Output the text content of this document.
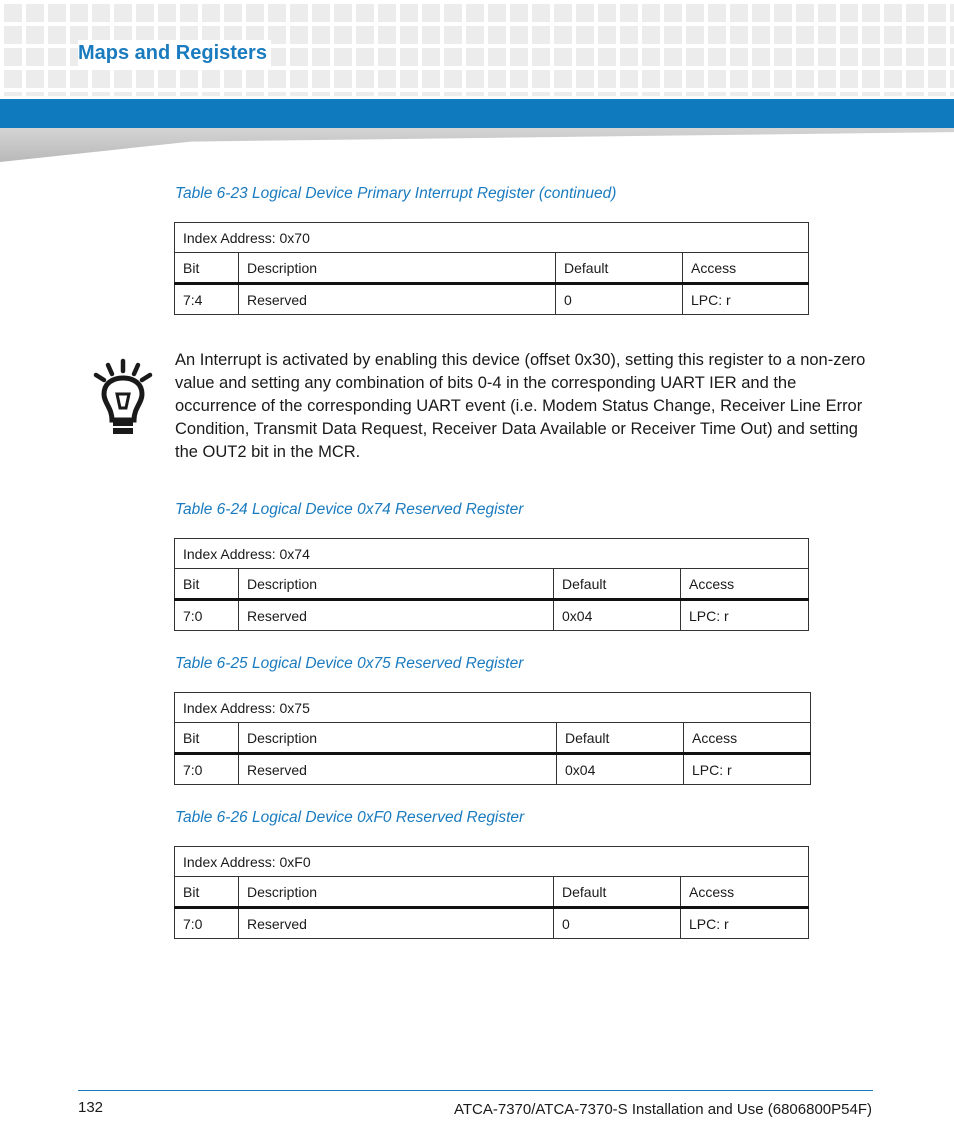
Maps and Registers
Table 6-23 Logical Device Primary Interrupt Register (continued)
Index Address: 0x70			
Bit	Description	Default	Access
7:4	Reserved	0	LPC: r
An Interrupt is activated by enabling this device (offset 0x30), setting this register to a non-zero value and setting any combination of bits 0-4 in the corresponding UART IER and the occurrence of the corresponding UART event (i.e. Modem Status Change, Receiver Line Error Condition, Transmit Data Request, Receiver Data Available or Receiver Time Out) and setting the OUT2 bit in the MCR.
Table 6-24 Logical Device 0x74 Reserved Register
Index Address: 0x74			
Bit	Description	Default	Access
7:0	Reserved	0x04	LPC: r
Table 6-25 Logical Device 0x75 Reserved Register
Index Address: 0x75			
Bit	Description	Default	Access
7:0	Reserved	0x04	LPC: r
Table 6-26 Logical Device 0xF0 Reserved Register
Index Address: 0xF0			
Bit	Description	Default	Access
7:0	Reserved	0	LPC: r
132	ATCA-7370/ATCA-7370-S Installation and Use (6806800P54F)
